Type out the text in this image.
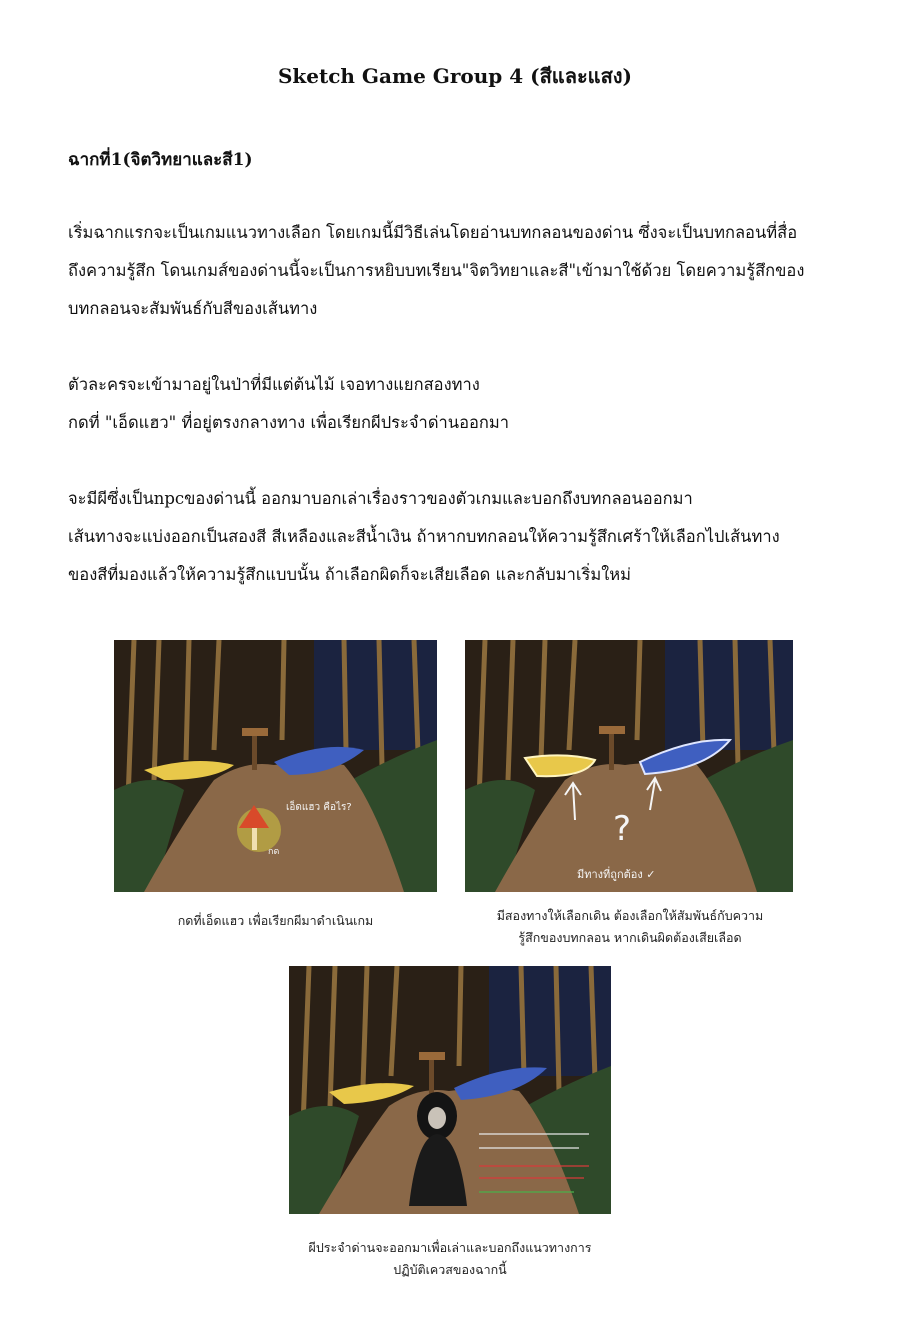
Sketch Game Group 4 (สีและแสง)
ฉากที่1(จิตวิทยาและสี1)
เริ่มฉากแรกจะเป็นเกมแนวทางเลือก โดยเกมนี้มีวิธีเล่นโดยอ่านบทกลอนของด่าน ซึ่งจะเป็นบทกลอนที่สื่อ
ถึงความรู้สึก โดนเกมส์ของด่านนี้จะเป็นการหยิบบทเรียน"จิตวิทยาและสี"เข้ามาใช้ด้วย โดยความรู้สึกของ
บทกลอนจะสัมพันธ์กับสีของเส้นทาง
ตัวละครจะเข้ามาอยู่ในป่าที่มีแต่ต้นไม้ เจอทางแยกสองทาง
กดที่ "เอ็ดแฮว" ที่อยู่ตรงกลางทาง เพื่อเรียกผีประจำด่านออกมา
จะมีผีซึ่งเป็นnpcของด่านนี้ ออกมาบอกเล่าเรื่องราวของตัวเกมและบอกถึงบทกลอนออกมา
เส้นทางจะแบ่งออกเป็นสองสี สีเหลืองและสีน้ำเงิน ถ้าหากบทกลอนให้ความรู้สึกเศร้าให้เลือกไปเส้นทาง
ของสีที่มองแล้วให้ความรู้สึกแบบนั้น ถ้าเลือกผิดก็จะเสียเลือด และกลับมาเริ่มใหม่
เอ็ดแฮว คือไร?
กด
?
มีทางที่ถูกต้อง ✓
กดที่เอ็ดแฮว เพื่อเรียกผีมาดำเนินเกม	มีสองทางให้เลือกเดิน ต้องเลือกให้สัมพันธ์กับความ
รู้สึกของบทกลอน หากเดินผิดต้องเสียเลือด
ผีประจำด่านจะออกมาเพื่อเล่าและบอกถึงแนวทางการ
ปฏิบัติเควสของฉากนี้
